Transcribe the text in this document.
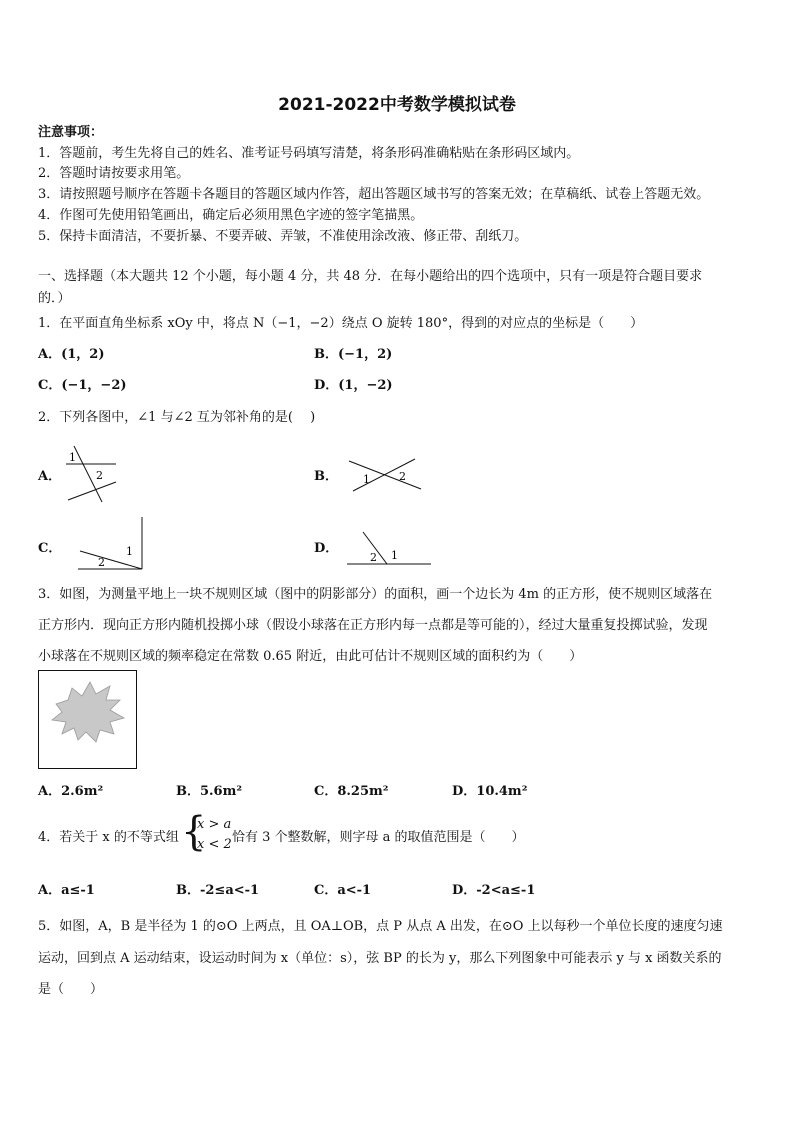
2021-2022中考数学模拟试卷
注意事项：
1．答题前，考生先将自己的姓名、准考证号码填写清楚，将条形码准确粘贴在条形码区域内。
2．答题时请按要求用笔。
3．请按照题号顺序在答题卡各题目的答题区域内作答，超出答题区域书写的答案无效；在草稿纸、试卷上答题无效。
4．作图可先使用铅笔画出，确定后必须用黑色字迹的签字笔描黑。
5．保持卡面清洁，不要折暴、不要弄破、弄皱，不准使用涂改液、修正带、刮纸刀。
一、选择题（本大题共 12 个小题，每小题 4 分，共 48 分．在每小题给出的四个选项中，只有一项是符合题目要求
的．）
1．在平面直角坐标系 xOy 中，将点 N（−1，−2）绕点 O 旋转 180°，得到的对应点的坐标是（　　）
A．(1，2)	B．(−1，2)
C．(−1，−2)	D．(1，−2)
2．下列各图中，∠1 与∠2 互为邻补角的是(　 )
A．
1
2	B． 1	2
C．	1
2
D．	1
2
3．如图，为测量平地上一块不规则区域（图中的阴影部分）的面积，画一个边长为 4m 的正方形，使不规则区域落在
正方形内．现向正方形内随机投掷小球（假设小球落在正方形内每一点都是等可能的），经过大量重复投掷试验，发现
小球落在不规则区域的频率稳定在常数 0.65 附近，由此可估计不规则区域的面积约为（　　）
A．2.6m²	B．5.6m²	C．8.25m²	D．10.4m²
4．若关于 x 的不等式组 {
x > a
x < 2 恰有 3 个整数解，则字母 a 的取值范围是（　　）
A．a≤-1	B．-2≤a<-1	C．a<-1	D．-2<a≤-1
5．如图，A，B 是半径为 1 的⊙O 上两点，且 OA⊥OB，点 P 从点 A 出发，在⊙O 上以每秒一个单位长度的速度匀速
运动，回到点 A 运动结束，设运动时间为 x（单位：s），弦 BP 的长为 y，那么下列图象中可能表示 y 与 x 函数关系的
是（　　）
